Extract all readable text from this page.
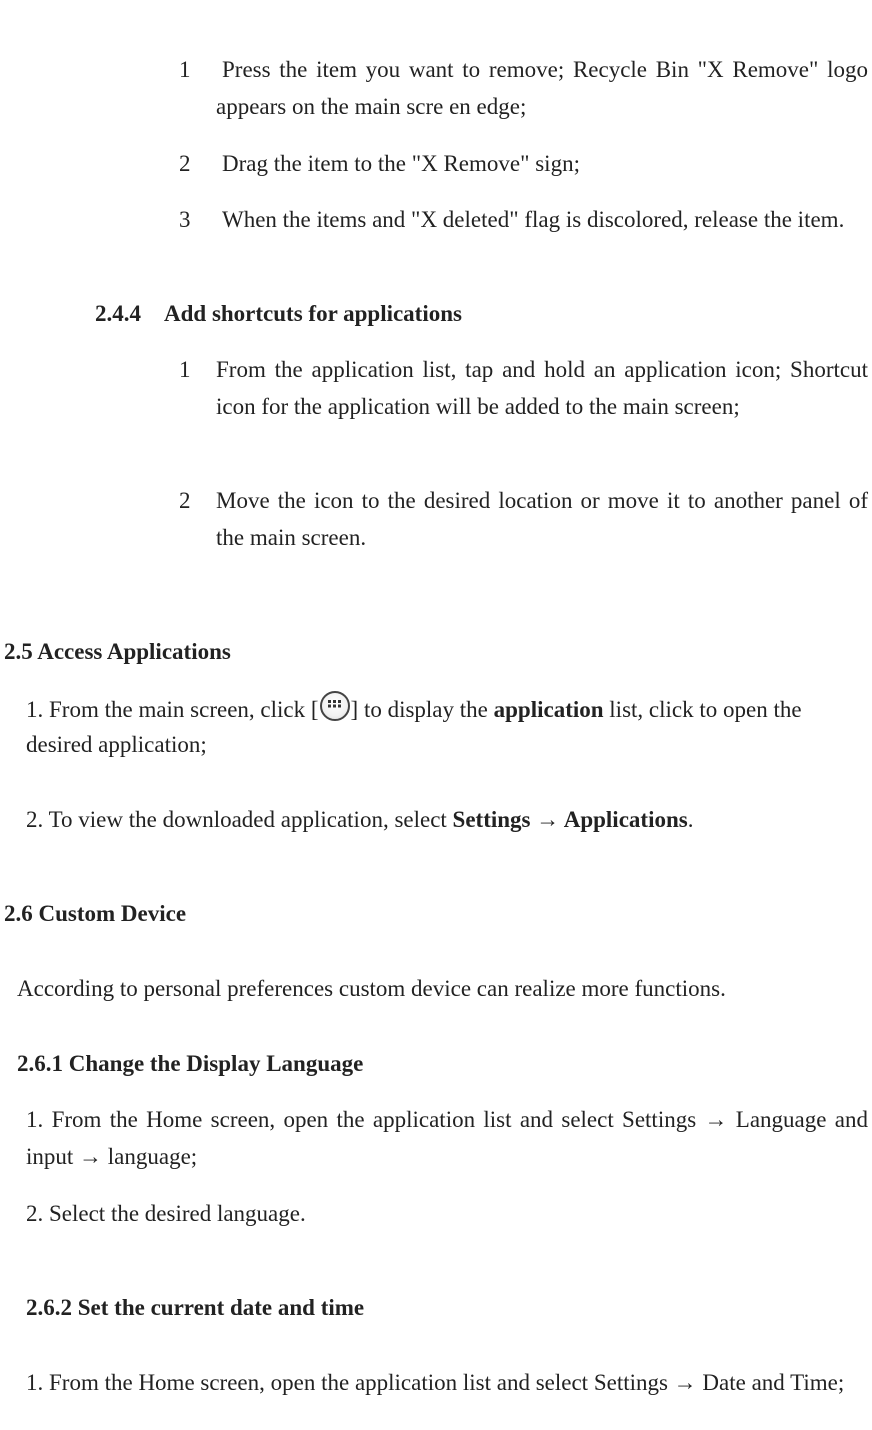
1 Press the item you want to remove; Recycle Bin "X Remove" logo appears on the main scre en edge;
2 Drag the item to the "X Remove" sign;
3 When the items and "X deleted" flag is discolored, release the item.
2.4.4 Add shortcuts for applications
1 From the application list, tap and hold an application icon; Shortcut icon for the application will be added to the main screen;
2 Move the icon to the desired location or move it to another panel of the main screen.
2.5 Access Applications
1. From the main screen, click [ ] to display the application list, click to open the desired application;
2. To view the downloaded application, select Settings → Applications.
2.6 Custom Device
According to personal preferences custom device can realize more functions.
2.6.1 Change the Display Language
1. From the Home screen, open the application list and select Settings → Language and input → language;
2. Select the desired language.
2.6.2 Set the current date and time
1. From the Home screen, open the application list and select Settings → Date and Time;
